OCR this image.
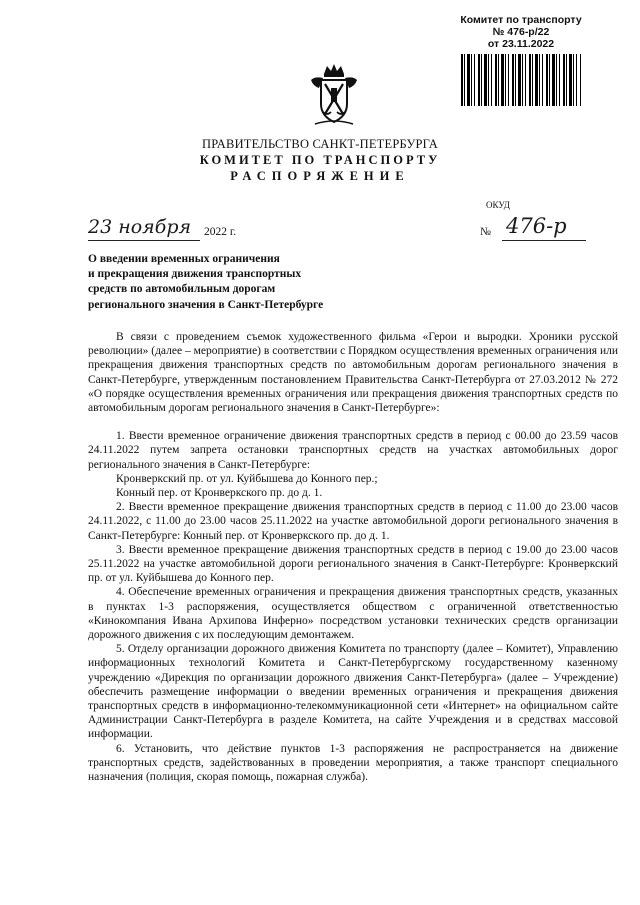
Комитет по транспорту
№ 476-р/22
от 23.11.2022
ПРАВИТЕЛЬСТВО САНКТ-ПЕТЕРБУРГА
КОМИТЕТ ПО ТРАНСПОРТУ
РАСПОРЯЖЕНИЕ
ОКУД
23 ноября 2022 г.	№ 476-р
О введении временных ограничения
и прекращения движения транспортных
средств по автомобильным дорогам
регионального значения в Санкт-Петербурге

В связи с проведением съемок художественного фильма «Герои и выродки. Хроники русской революции» (далее – мероприятие) в соответствии с Порядком осуществления временных ограничения или прекращения движения транспортных средств по автомобильным дорогам регионального значения в Санкт-Петербурге, утвержденным постановлением Правительства Санкт-Петербурга от 27.03.2012 № 272 «О порядке осуществления временных ограничения или прекращения движения транспортных средств по автомобильным дорогам регионального значения в Санкт-Петербурге»:

1. Ввести временное ограничение движения транспортных средств в период с 00.00 до 23.59 часов 24.11.2022 путем запрета остановки транспортных средств на участках автомобильных дорог регионального значения в Санкт-Петербурге:

Кронверкский пр. от ул. Куйбышева до Конного пер.;

Конный пер. от Кронверкского пр. до д. 1.

2. Ввести временное прекращение движения транспортных средств в период с 11.00 до 23.00 часов 24.11.2022, с 11.00 до 23.00 часов 25.11.2022 на участке автомобильной дороги регионального значения в Санкт-Петербурге: Конный пер. от Кронверкского пр. до д. 1.

3. Ввести временное прекращение движения транспортных средств в период с 19.00 до 23.00 часов 25.11.2022 на участке автомобильной дороги регионального значения в Санкт-Петербурге: Кронверкский пр. от ул. Куйбышева до Конного пер.

4. Обеспечение временных ограничения и прекращения движения транспортных средств, указанных в пунктах 1-3 распоряжения, осуществляется обществом с ограниченной ответственностью «Кинокомпания Ивана Архипова Инферно» посредством установки технических средств организации дорожного движения с их последующим демонтажем.

5. Отделу организации дорожного движения Комитета по транспорту (далее – Комитет), Управлению информационных технологий Комитета и Санкт-Петербургскому государственному казенному учреждению «Дирекция по организации дорожного движения Санкт-Петербурга» (далее – Учреждение) обеспечить размещение информации о введении временных ограничения и прекращения движения транспортных средств в информационно-телекоммуникационной сети «Интернет» на официальном сайте Администрации Санкт-Петербурга в разделе Комитета, на сайте Учреждения и в средствах массовой информации.

6. Установить, что действие пунктов 1-3 распоряжения не распространяется на движение транспортных средств, задействованных в проведении мероприятия, а также транспорт специального назначения (полиция, скорая помощь, пожарная служба).
